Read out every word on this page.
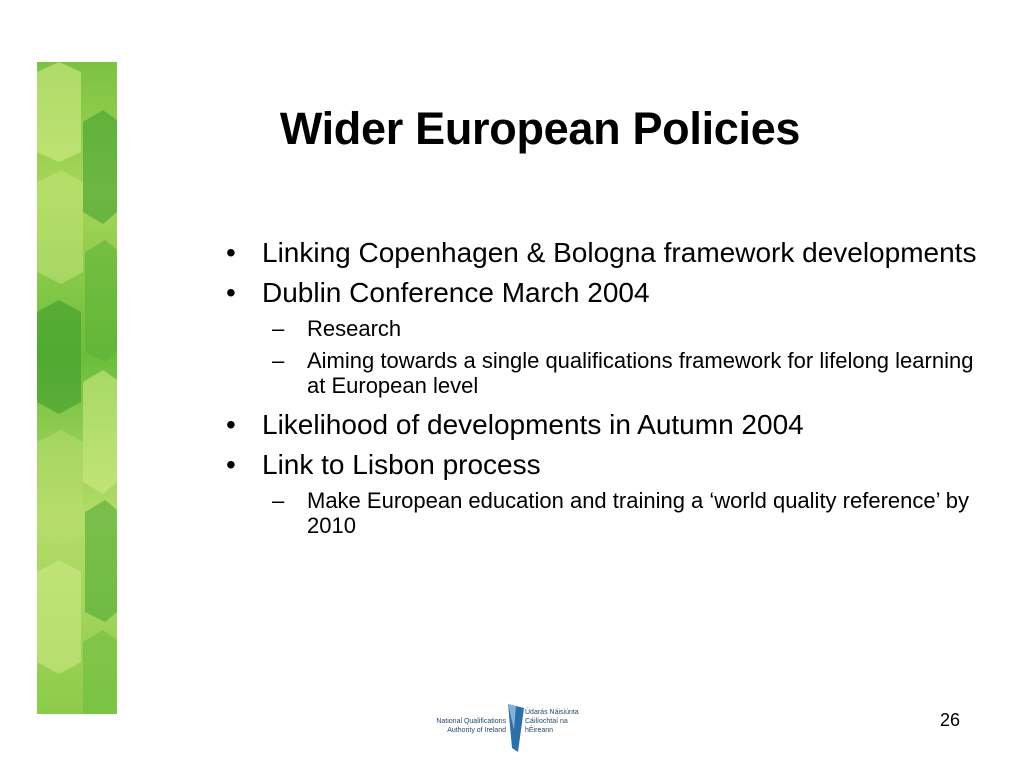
Wider European Policies
• Linking Copenhagen & Bologna framework developments
• Dublin Conference March 2004
– Research
– Aiming towards a single qualifications framework for lifelong learning at European level
• Likelihood of developments in Autumn 2004
• Link to Lisbon process
– Make European education and training a ‘world quality reference’ by 2010
National Qualifications
Authority of Ireland
Údarás Náisiúnta
Cáilíochtaí na hÉireann
26
